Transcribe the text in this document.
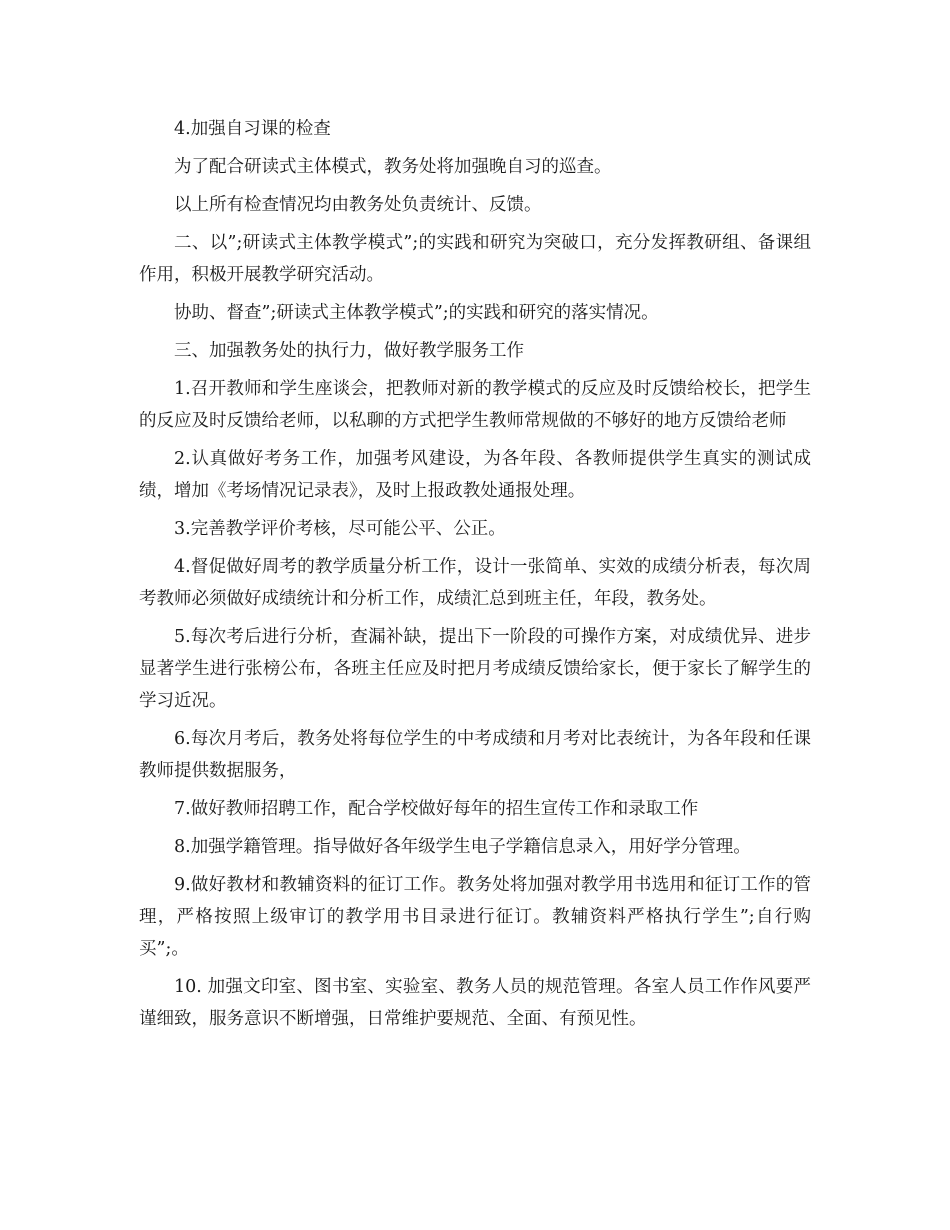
4.加强自习课的检查

为了配合研读式主体模式，教务处将加强晚自习的巡查。

以上所有检查情况均由教务处负责统计、反馈。

二、以”;研读式主体教学模式”;的实践和研究为突破口，充分发挥教研组、备课组作用，积极开展教学研究活动。

协助、督查”;研读式主体教学模式”;的实践和研究的落实情况。

三、加强教务处的执行力，做好教学服务工作

1.召开教师和学生座谈会，把教师对新的教学模式的反应及时反馈给校长，把学生的反应及时反馈给老师，以私聊的方式把学生教师常规做的不够好的地方反馈给老师

2.认真做好考务工作，加强考风建设，为各年段、各教师提供学生真实的测试成绩，增加《考场情况记录表》，及时上报政教处通报处理。

3.完善教学评价考核，尽可能公平、公正。

4.督促做好周考的教学质量分析工作，设计一张简单、实效的成绩分析表，每次周考教师必须做好成绩统计和分析工作，成绩汇总到班主任，年段，教务处。

5.每次考后进行分析，查漏补缺，提出下一阶段的可操作方案，对成绩优异、进步显著学生进行张榜公布，各班主任应及时把月考成绩反馈给家长，便于家长了解学生的学习近况。

6.每次月考后，教务处将每位学生的中考成绩和月考对比表统计，为各年段和任课教师提供数据服务，

7.做好教师招聘工作，配合学校做好每年的招生宣传工作和录取工作

8.加强学籍管理。指导做好各年级学生电子学籍信息录入，用好学分管理。

9.做好教材和教辅资料的征订工作。教务处将加强对教学用书选用和征订工作的管理，严格按照上级审订的教学用书目录进行征订。教辅资料严格执行学生”;自行购买”;。

10. 加强文印室、图书室、实验室、教务人员的规范管理。各室人员工作作风要严谨细致，服务意识不断增强，日常维护要规范、全面、有预见性。
